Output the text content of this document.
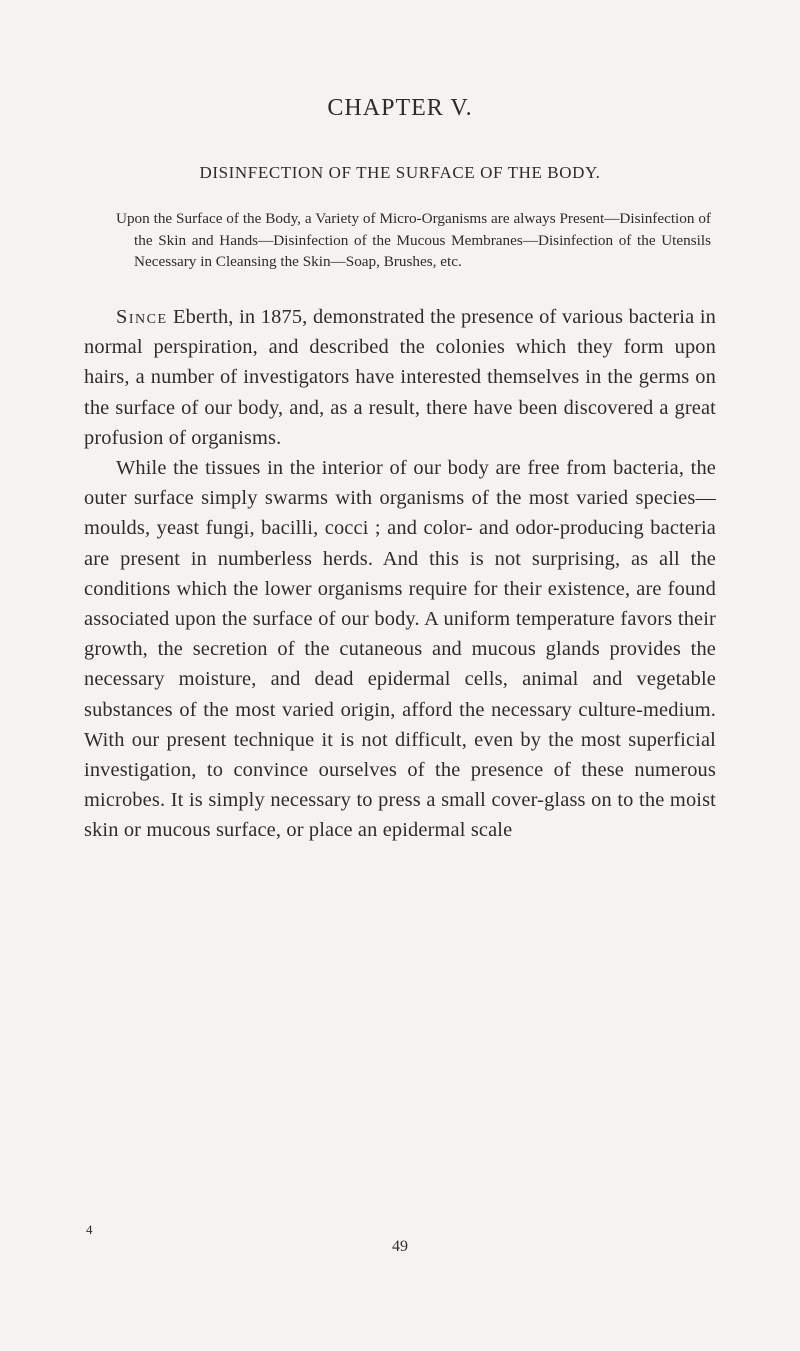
CHAPTER V.
DISINFECTION OF THE SURFACE OF THE BODY.
Upon the Surface of the Body, a Variety of Micro-Organisms are always Present—Disinfection of the Skin and Hands—Disinfection of the Mucous Membranes—Disinfection of the Utensils Necessary in Cleansing the Skin—Soap, Brushes, etc.

Since Eberth, in 1875, demonstrated the presence of various bacteria in normal perspiration, and described the colonies which they form upon hairs, a number of investigators have interested themselves in the germs on the surface of our body, and, as a result, there have been discovered a great profusion of organisms.

While the tissues in the interior of our body are free from bacteria, the outer surface simply swarms with organisms of the most varied species—moulds, yeast fungi, bacilli, cocci ; and color- and odor-producing bacteria are present in numberless herds. And this is not surprising, as all the conditions which the lower organisms require for their existence, are found associated upon the surface of our body. A uniform temperature favors their growth, the secretion of the cutaneous and mucous glands provides the necessary moisture, and dead epidermal cells, animal and vegetable substances of the most varied origin, afford the necessary culture-medium. With our present technique it is not difficult, even by the most superficial investigation, to convince ourselves of the presence of these numerous microbes. It is simply necessary to press a small cover-glass on to the moist skin or mucous surface, or place an epidermal scale

4
49
